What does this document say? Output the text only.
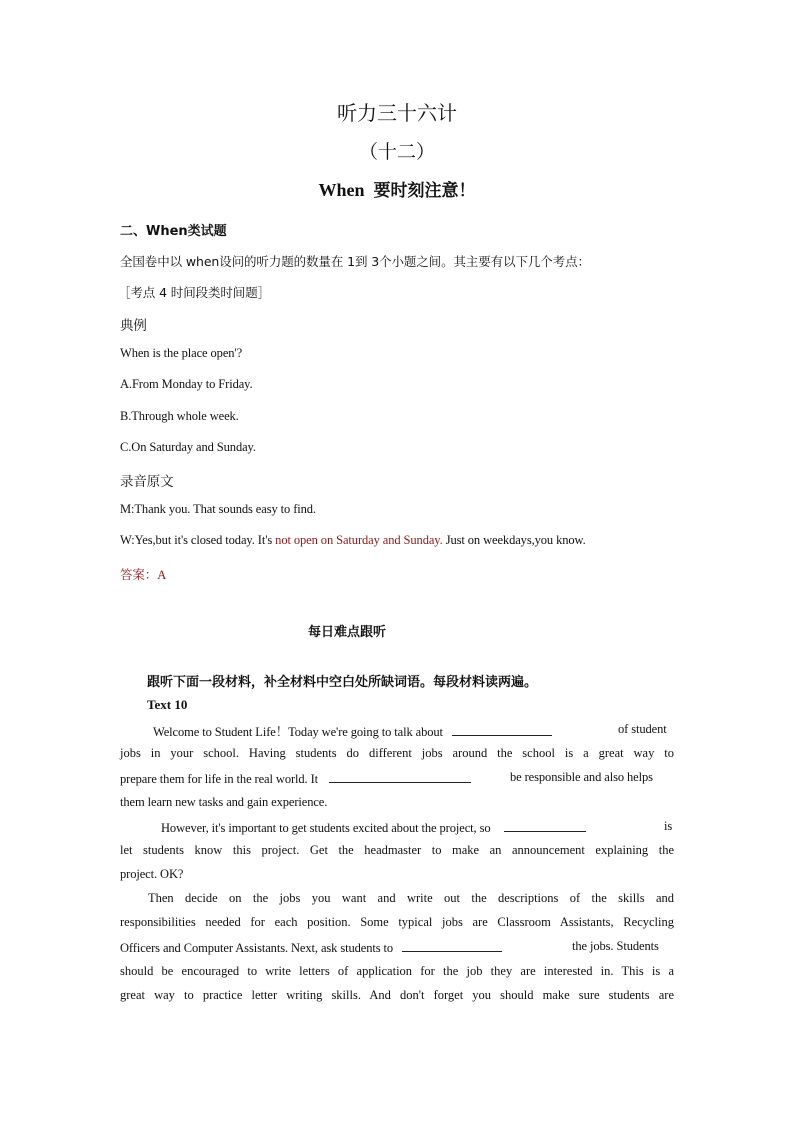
听力三十六计
（十二）
When 要时刻注意！
二、When类试题
全国卷中以 when设问的听力题的数量在 1到 3个小题之间。其主要有以下几个考点：
［考点 4 时间段类时间题］
典例
When is the place open'?
A.From Monday to Friday.
B.Through whole week.
C.On Saturday and Sunday.
录音原文
M:Thank you. That sounds easy to find.
W:Yes,but it's closed today. It's not open on Saturday and Sunday. Just on weekdays,you know.
答案：A
每日难点跟听
跟听下面一段材料，补全材料中空白处所缺词语。每段材料读两遍。
Text 10
Welcome to Student Life！Today we're going to talk about	of student
jobs in your school. Having students do different jobs around the school is a great way to
prepare them for life in the real world. It	be responsible and also helps
them learn new tasks and gain experience.
However, it's important to get students excited about the project, so	is
let students know this project. Get the headmaster to make an announcement explaining the
project. OK?
Then decide on the jobs you want and write out the descriptions of the skills and
responsibilities needed for each position. Some typical jobs are Classroom Assistants, Recycling
Officers and Computer Assistants. Next, ask students to	the jobs. Students
should be encouraged to write letters of application for the job they are interested in. This is a
great way to practice letter writing skills. And don't forget you should make sure students are
